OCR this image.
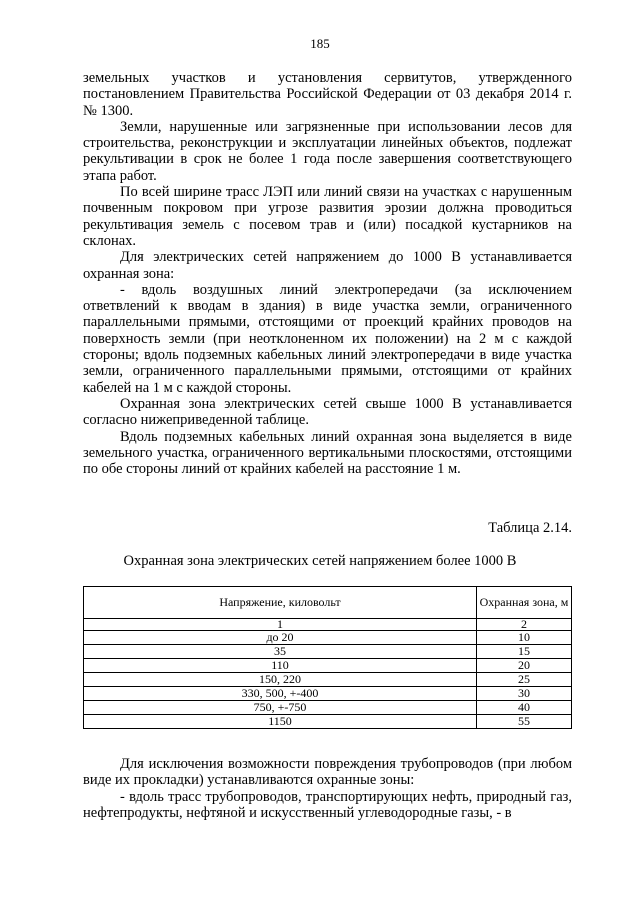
185

земельных участков и установления сервитутов, утвержденного постановлением Правительства Российской Федерации от 03 декабря 2014 г. № 1300.

Земли, нарушенные или загрязненные при использовании лесов для строительства, реконструкции и эксплуатации линейных объектов, подлежат рекультивации в срок не более 1 года после завершения соответствующего этапа работ.

По всей ширине трасс ЛЭП или линий связи на участках с нарушенным почвенным покровом при угрозе развития эрозии должна проводиться рекультивация земель с посевом трав и (или) посадкой кустарников на склонах.

Для электрических сетей напряжением до 1000 В устанавливается охранная зона:

- вдоль воздушных линий электропередачи (за исключением ответвлений к вводам в здания) в виде участка земли, ограниченного параллельными прямыми, отстоящими от проекций крайних проводов на поверхность земли (при неотклоненном их положении) на 2 м с каждой стороны; вдоль подземных кабельных линий электропередачи в виде участка земли, ограниченного параллельными прямыми, отстоящими от крайних кабелей на 1 м с каждой стороны.

Охранная зона электрических сетей свыше 1000 В устанавливается согласно нижеприведенной таблице.

Вдоль подземных кабельных линий охранная зона выделяется в виде земельного участка, ограниченного вертикальными плоскостями, отстоящими по обе стороны линий от крайних кабелей на расстояние 1 м.

Таблица 2.14.
Охранная зона электрических сетей напряжением более 1000 В
Напряжение, киловольт	Охранная зона, м
1	2
до 20	10
35	15
110	20
150, 220	25
330, 500, +-400	30
750, +-750	40
1150	55

Для исключения возможности повреждения трубопроводов (при любом виде их прокладки) устанавливаются охранные зоны:

- вдоль трасс трубопроводов, транспортирующих нефть, природный газ, нефтепродукты, нефтяной и искусственный углеводородные газы, - в
